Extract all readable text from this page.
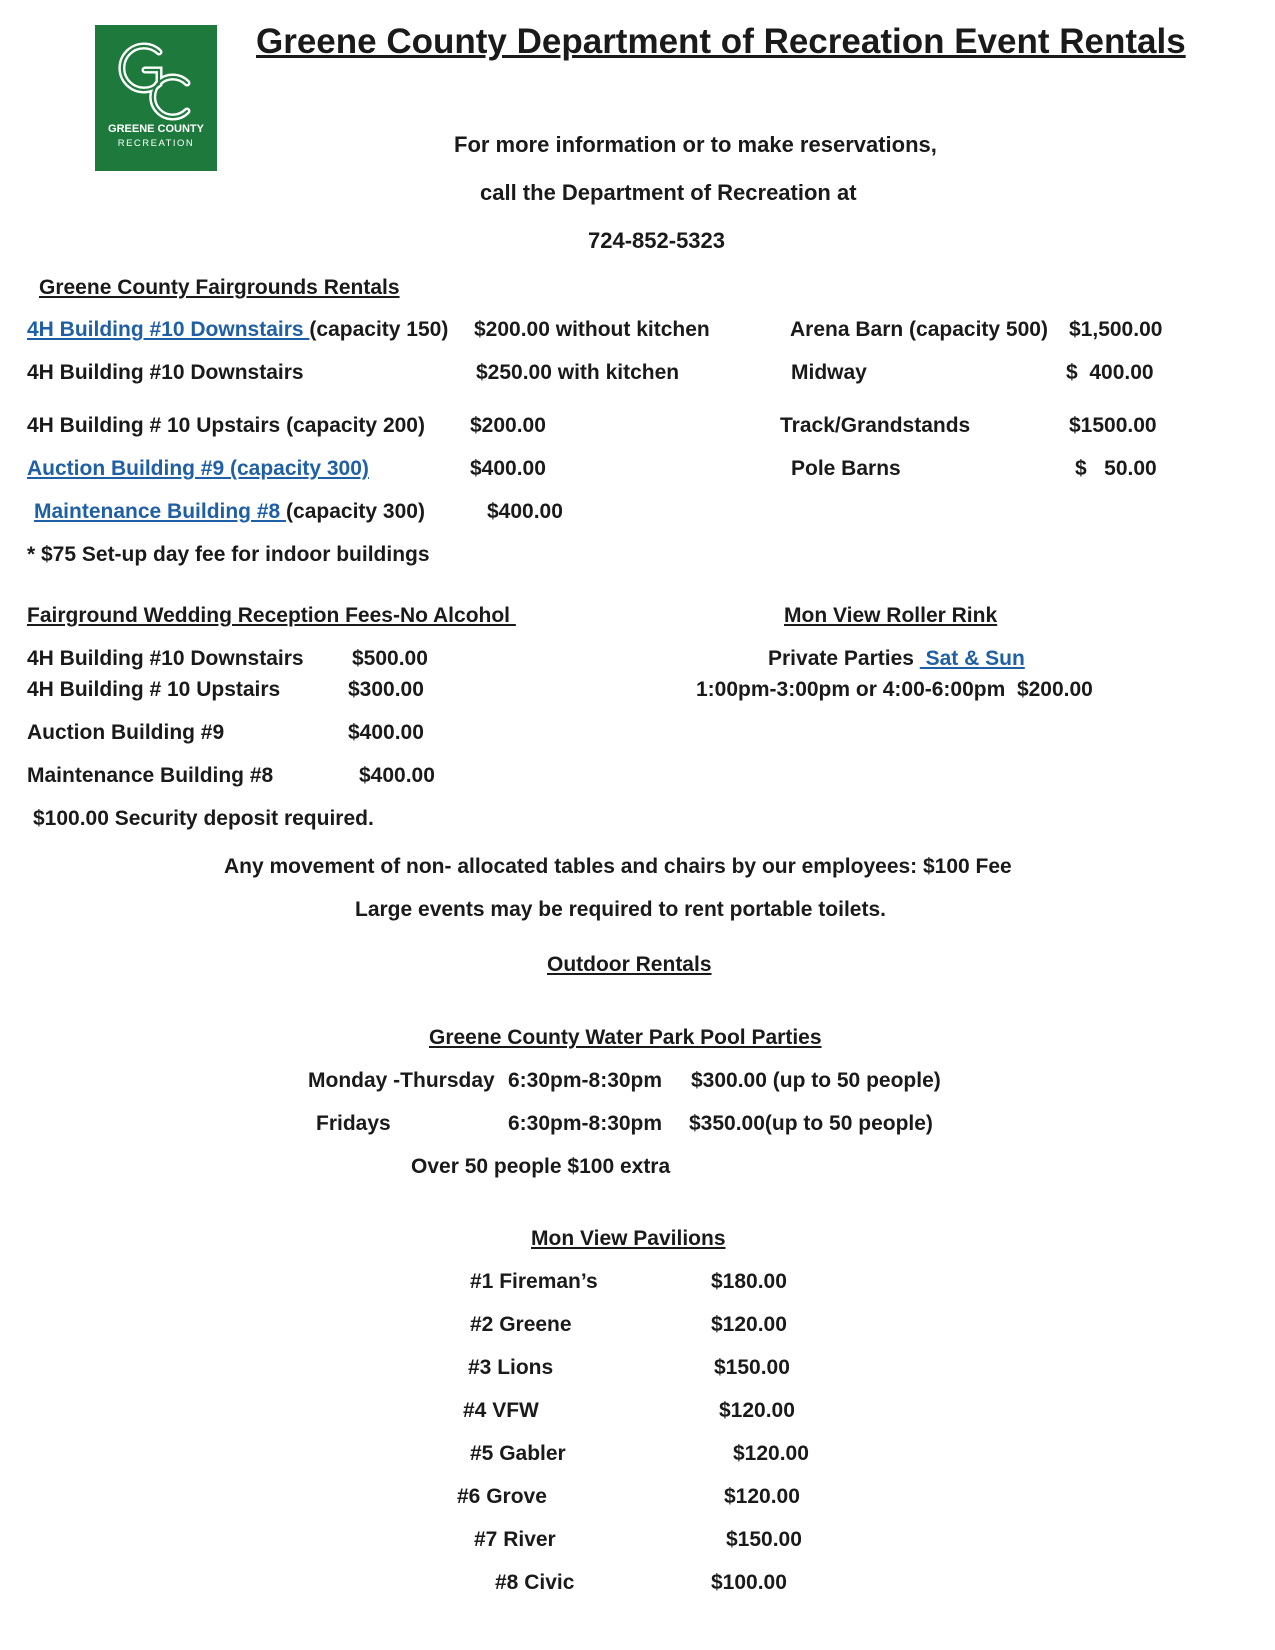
GREENE COUNTY
RECREATION
Greene County Department of Recreation Event Rentals
For more information or to make reservations,
call the Department of Recreation at
724-852-5323
Greene County Fairgrounds Rentals
4H Building #10 Downstairs (capacity 150) $200.00 without kitchen
4H Building #10 Downstairs	$250.00 with kitchen
4H Building # 10 Upstairs (capacity 200) $200.00
Auction Building #9 (capacity 300)	$400.00
Maintenance Building #8 (capacity 300)	$400.00
* $75 Set-up day fee for indoor buildings
Arena Barn (capacity 500) $1,500.00
Midway	$  400.00
Track/Grandstands	$1500.00
Pole Barns	$   50.00
Fairground Wedding Reception Fees-No Alcohol
4H Building #10 Downstairs $500.00
4H Building # 10 Upstairs	$300.00
Auction Building #9	$400.00
Maintenance Building #8	$400.00
$100.00 Security deposit required.
Mon View Roller Rink
Private Parties  Sat & Sun
1:00pm-3:00pm or 4:00-6:00pm  $200.00
Any movement of non- allocated tables and chairs by our employees: $100 Fee
Large events may be required to rent portable toilets.
Outdoor Rentals
Greene County Water Park Pool Parties
Monday -Thursday 6:30pm-8:30pm $300.00 (up to 50 people)
Fridays	6:30pm-8:30pm $350.00(up to 50 people)
Over 50 people $100 extra
Mon View Pavilions
#1 Fireman’s	$180.00
#2 Greene	$120.00
#3 Lions	$150.00
#4 VFW	$120.00
#5 Gabler	$120.00
#6 Grove	$120.00
#7 River	$150.00
#8 Civic	$100.00
